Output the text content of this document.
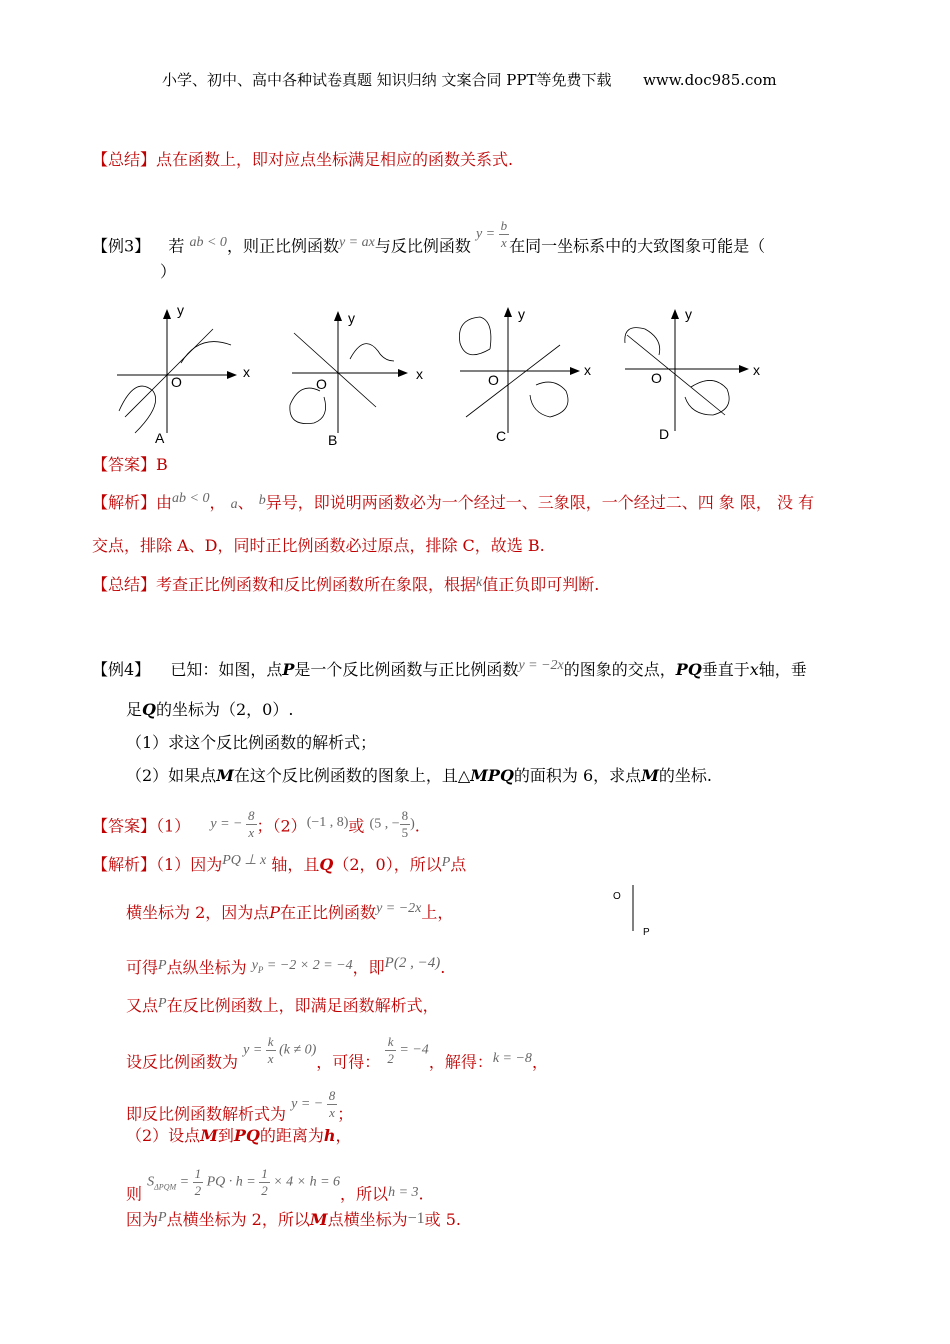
小学、初中、高中各种试卷真题 知识归纳 文案合同 PPT等免费下载 www.doc985.com
【总结】点在函数上，即对应点坐标满足相应的函数关系式.
【例3】 若 ab < 0，则正比例函数y = ax与反比例函数 $y = \frac{b}{x}$ 在同一坐标系中的大致图象可能是（
）
y
x
O
A
y
x
O
B
y
x
O
C
y
x
O
D
【答案】B
【解析】由ab < 0， a、 b异号，即说明两函数必为一个经过一、三象限，一个经过二、四 象 限， 没 有
交点，排除 A、D，同时正比例函数必过原点，排除 C，故选 B.
【总结】考查正比例函数和反比例函数所在象限，根据k值正负即可判断.
【例4】 已知：如图，点P是一个反比例函数与正比例函数y = −2x的图象的交点，PQ垂直于x轴，垂
足Q的坐标为（2，0）.
（1）求这个反比例函数的解析式；
（2）如果点M在这个反比例函数的图象上，且△MPQ的面积为 6，求点M的坐标.
【答案】（1） y = − $\frac{8}{x}$ ；（2）(−1 , 8)或 (5 , − $\frac{8}{5}$ ).
【解析】（1）因为PQ ⊥ x 轴，且Q（2，0），所以P点
横坐标为 2，因为点P在正比例函数y = −2x上，
O
P
可得P点纵坐标为 $y_P = -2 \times 2 = -4$，即P(2 , −4).
又点P在反比例函数上，即满足函数解析式，
设反比例函数为 $y = \frac{k}{x} (k \ne 0)$，可得： $\frac{k}{2} = -4$，解得：k = −8，
即反比例函数解析式为 y = − $\frac{8}{x}$ ；
（2）设点M到PQ的距离为h，
则 $S_{\Delta PQM} = \frac{1}{2}$ PQ · $h = \frac{1}{2} \times 4 \times h = 6$，所以h = 3.
因为P点横坐标为 2，所以M点横坐标为−1或 5.
